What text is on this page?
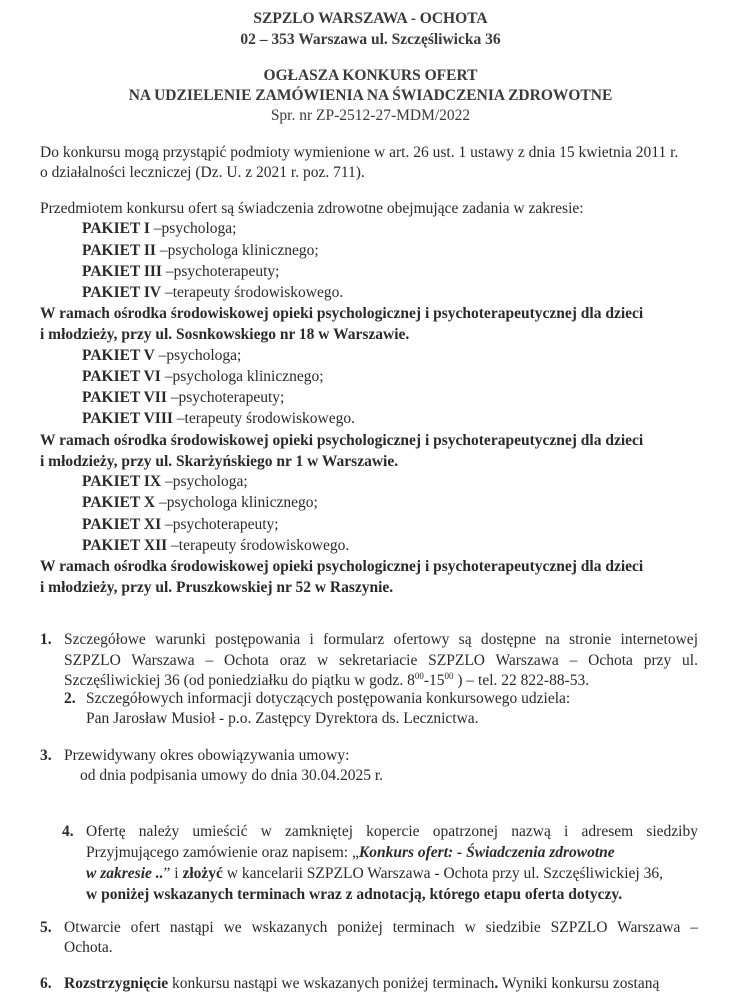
SZPZLO WARSZAWA - OCHOTA
02 – 353 Warszawa ul. Szczęśliwicka 36
OGŁASZA KONKURS OFERT
NA UDZIELENIE ZAMÓWIENIA NA ŚWIADCZENIA ZDROWOTNE
Spr. nr ZP-2512-27-MDM/2022
Do konkursu mogą przystąpić podmioty wymienione w art. 26 ust. 1 ustawy z dnia 15 kwietnia 2011 r.
o działalności leczniczej (Dz. U. z 2021 r. poz. 711).
Przedmiotem konkursu ofert są świadczenia zdrowotne obejmujące zadania w zakresie:
PAKIET I –psychologa;
PAKIET II –psychologa klinicznego;
PAKIET III –psychoterapeuty;
PAKIET IV –terapeuty środowiskowego.
W ramach ośrodka środowiskowej opieki psychologicznej i psychoterapeutycznej dla dzieci
i młodzieży, przy ul. Sosnkowskiego nr 18 w Warszawie.
PAKIET V –psychologa;
PAKIET VI –psychologa klinicznego;
PAKIET VII –psychoterapeuty;
PAKIET VIII –terapeuty środowiskowego.
W ramach ośrodka środowiskowej opieki psychologicznej i psychoterapeutycznej dla dzieci
i młodzieży, przy ul. Skarżyńskiego nr 1 w Warszawie.
PAKIET IX –psychologa;
PAKIET X –psychologa klinicznego;
PAKIET XI –psychoterapeuty;
PAKIET XII –terapeuty środowiskowego.
W ramach ośrodka środowiskowej opieki psychologicznej i psychoterapeutycznej dla dzieci
i młodzieży, przy ul. Pruszkowskiej nr 52 w Raszynie.
1. Szczegółowe warunki postępowania i formularz ofertowy są dostępne na stronie internetowej
SZPZLO Warszawa – Ochota oraz w sekretariacie SZPZLO Warszawa – Ochota przy ul.
Szczęśliwickiej 36 (od poniedziałku do piątku w godz. $8^{00}-15^{00}$ ) – tel. 22 822-88-53.
2. Szczegółowych informacji dotyczących postępowania konkursowego udziela:
Pan Jarosław Musioł - p.o. Zastępcy Dyrektora ds. Lecznictwa.
3. Przewidywany okres obowiązywania umowy:
od dnia podpisania umowy do dnia 30.04.2025 r.
4. Ofertę należy umieścić w zamkniętej kopercie opatrzonej nazwą i adresem siedziby
Przyjmującego zamówienie oraz napisem: „Konkurs ofert: - Świadczenia zdrowotne
w zakresie ..” i złożyć w kancelarii SZPZLO Warszawa - Ochota przy ul. Szczęśliwickiej 36,
w poniżej wskazanych terminach wraz z adnotacją, którego etapu oferta dotyczy.
5. Otwarcie ofert nastąpi we wskazanych poniżej terminach w siedzibie SZPZLO Warszawa –
Ochota.
6. Rozstrzygnięcie konkursu nastąpi we wskazanych poniżej terminach. Wyniki konkursu zostaną
